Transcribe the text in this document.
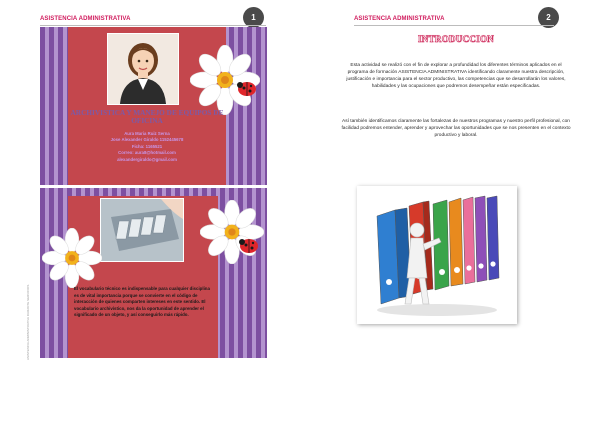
ASISTENCIA ADMINISTRATIVA	1
ASISTENCIA ADMINISTRATIVA DURANTE SERVICIOS
ARCHIVISTICA Y MANEJO DE EQUIPOS DE OFICINA
Aura Maria Ruiz Serna
Jose Alexander Giraldo 1152445678
Ficha: 1165521
Correo: aura8@hotmail.com
alexandergiraldo@gmail.com
El vocabulario técnico es indispensable para cualquier disciplina es de vital importancia porque se convierte en el código de interacción de quienes comparten intereses en este sentido. El vocabulario archivístico, nos da la oportunidad de aprender el significado de un objeto, y así conseguirlo más rápido.
ASISTENCIA ADMINISTRATIVA	2
INTRODUCCION
Esta actividad se realizó con el fin de explorar a profundidad los diferentes términos aplicados en el programa de formación ASISTENCIA ADMINISTRATIVA identificando claramente nuestra descripción, justificación e importancia para el sector productivo, las competencias que se desarrollarán los valores, habilidades y las ocupaciones que podremos desempeñar están especificadas.
Así también identificamos claramente las fortalezas de nuestros programas y nuestro perfil profesional, con facilidad podremos entender, aprender y aprovechar las oportunidades que se nos presenten en el contexto productivo y laboral.
